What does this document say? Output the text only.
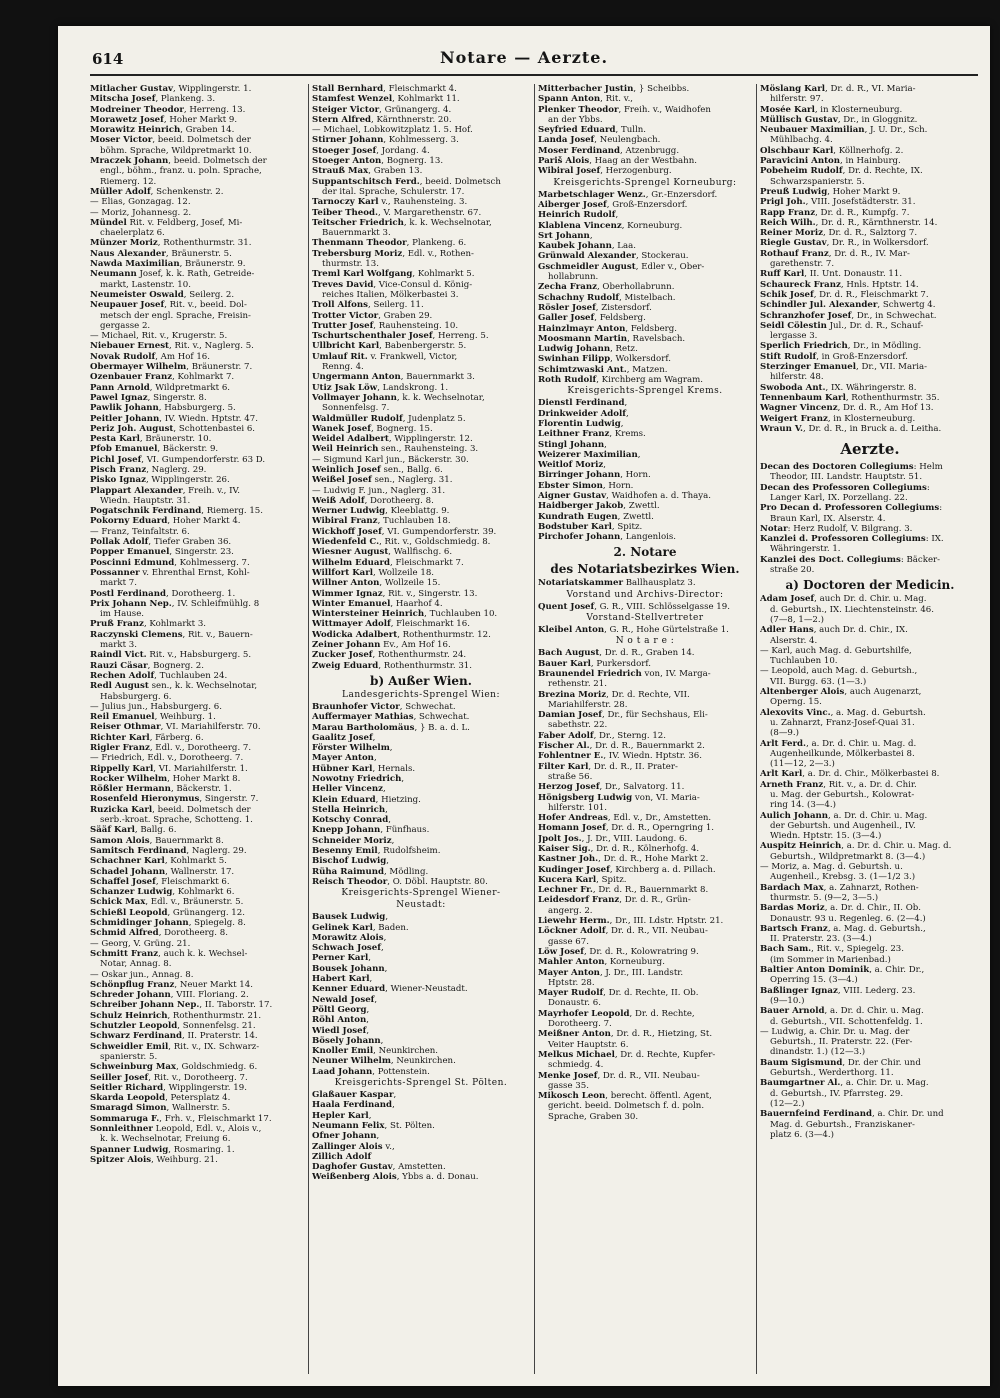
614	Notare — Aerzte.
Mitlacher Gustav, Wipplingerstr. 1.
Mitscha Josef, Plankeng. 3.
Modreiner Theodor, Herreng. 13.
Morawetz Josef, Hoher Markt 9.
Morawitz Heinrich, Graben 14.
Moser Victor, beeid. Dolmetsch der
böhm. Sprache, Wildpretmarkt 10.
Mraczek Johann, beeid. Dolmetsch der
engl., böhm., franz. u. poln. Sprache,
Riemerg. 12.
Müller Adolf, Schenkenstr. 2.
— Elias, Gonzagag. 12.
— Moriz, Johannesg. 2.
Mündel Rit. v. Feldberg, Josef, Mi-
chaelerplatz 6.
Münzer Moriz, Rothenthurmstr. 31.
Naus Alexander, Bräunerstr. 5.
Nawda Maximilian, Bräunerstr. 9.
Neumann Josef, k. k. Rath, Getreide-
markt, Lastenstr. 10.
Neumeister Oswald, Seilerg. 2.
Neupauer Josef, Rit. v., beeid. Dol-
metsch der engl. Sprache, Freisin-
gergasse 2.
— Michael, Rit. v., Krugerstr. 5.
Niebauer Ernest, Rit. v., Naglerg. 5.
Novak Rudolf, Am Hof 16.
Obermayer Wilhelm, Bräunerstr. 7.
Ozenbauer Franz, Kohlmarkt 7.
Pann Arnold, Wildpretmarkt 6.
Pawel Ignaz, Singerstr. 8.
Pawlik Johann, Habsburgerg. 5.
Peitler Johann, IV. Wiedn. Hptstr. 47.
Periz Joh. August, Schottenbastei 6.
Pesta Karl, Bräunerstr. 10.
Pfob Emanuel, Bäckerstr. 9.
Pichl Josef, VI. Gumpendorferstr. 63 D.
Pisch Franz, Naglerg. 29.
Pisko Ignaz, Wipplingerstr. 26.
Plappart Alexander, Freih. v., IV.
Wiedn. Hauptstr. 31.
Pogatschnik Ferdinand, Riemerg. 15.
Pokorny Eduard, Hoher Markt 4.
— Franz, Teinfaltstr. 6.
Pollak Adolf, Tiefer Graben 36.
Popper Emanuel, Singerstr. 23.
Poscinni Edmund, Kohlmesserg. 7.
Possanner v. Ehrenthal Ernst, Kohl-
markt 7.
Postl Ferdinand, Dorotheerg. 1.
Prix Johann Nep., IV. Schleifmühlg. 8
im Hause.
Pruß Franz, Kohlmarkt 3.
Raczynski Clemens, Rit. v., Bauern-
markt 3.
Raindl Vict. Rit. v., Habsburgerg. 5.
Rauzi Cäsar, Bognerg. 2.
Rechen Adolf, Tuchlauben 24.
Redl August sen., k. k. Wechselnotar,
Habsburgerg. 6.
— Julius jun., Habsburgerg. 6.
Reil Emanuel, Weihburg. 1.
Reiser Othmar, VI. Mariahilferstr. 70.
Richter Karl, Färberg. 6.
Rigler Franz, Edl. v., Dorotheerg. 7.
— Friedrich, Edl. v., Dorotheerg. 7.
Rippelly Karl, VI. Mariahilferstr. 1.
Rocker Wilhelm, Hoher Markt 8.
Rößler Hermann, Bäckerstr. 1.
Rosenfeld Hieronymus, Singerstr. 7.
Ruzicka Karl, beeid. Dolmetsch der
serb.-kroat. Sprache, Schotteng. 1.
Sääf Karl, Ballg. 6.
Samon Alois, Bauernmarkt 8.
Samitsch Ferdinand, Naglerg. 29.
Schachner Karl, Kohlmarkt 5.
Schadel Johann, Wallnerstr. 17.
Schaffel Josef, Fleischmarkt 6.
Schanzer Ludwig, Kohlmarkt 6.
Schick Max, Edl. v., Bräunerstr. 5.
Schießl Leopold, Grünangerg. 12.
Schmidinger Johann, Spiegelg. 8.
Schmid Alfred, Dorotheerg. 8.
— Georg, V. Grüng. 21.
Schmitt Franz, auch k. k. Wechsel-
Notar, Annag. 8.
— Oskar jun., Annag. 8.
Schönpflug Franz, Neuer Markt 14.
Schreder Johann, VIII. Floriang. 2.
Schreiber Johann Nep., II. Taborstr. 17.
Schulz Heinrich, Rothenthurmstr. 21.
Schutzler Leopold, Sonnenfelsg. 21.
Schwarz Ferdinand, II. Praterstr. 14.
Schweidler Emil, Rit. v., IX. Schwarz-
spanierstr. 5.
Schweinburg Max, Goldschmiedg. 6.
Seiller Josef, Rit. v., Dorotheerg. 7.
Seitler Richard, Wipplingerstr. 19.
Skarda Leopold, Petersplatz 4.
Smaragd Simon, Wallnerstr. 5.
Sommaruga F., Frh. v., Fleischmarkt 17.
Sonnleithner Leopold, Edl. v., Alois v.,
k. k. Wechselnotar, Freiung 6.
Spanner Ludwig, Rosmaring. 1.
Spitzer Alois, Weihburg. 21.
Stall Bernhard, Fleischmarkt 4.
Stamfest Wenzel, Kohlmarkt 11.
Steiger Victor, Grünangerg. 4.
Stern Alfred, Kärnthnerstr. 20.
— Michael, Lobkowitzplatz 1. 5. Hof.
Stirner Johann, Kohlmesserg. 3.
Stoeger Josef, Jordang. 4.
Stoeger Anton, Bognerg. 13.
Strauß Max, Graben 13.
Suppantschitsch Ferd., beeid. Dolmetsch
der ital. Sprache, Schulerstr. 17.
Tarnoczy Karl v., Rauhensteing. 3.
Teiber Theod., V. Margarethenstr. 67.
Teitscher Friedrich, k. k. Wechselnotar,
Bauernmarkt 3.
Thenmann Theodor, Plankeng. 6.
Trebersburg Moriz, Edl. v., Rothen-
thurmstr. 13.
Treml Karl Wolfgang, Kohlmarkt 5.
Treves David, Vice-Consul d. König-
reiches Italien, Mölkerbastei 3.
Troll Alfons, Seilerg. 11.
Trotter Victor, Graben 29.
Trutter Josef, Rauhensteing. 10.
Tschurtschenthaler Josef, Herreng. 5.
Ullbricht Karl, Babenbergerstr. 5.
Umlauf Rit. v. Frankwell, Victor,
Renng. 4.
Ungermann Anton, Bauernmarkt 3.
Utiz Jsak Löw, Landskrong. 1.
Vollmayer Johann, k. k. Wechselnotar,
Sonnenfelsg. 7.
Waldmüller Rudolf, Judenplatz 5.
Wanek Josef, Bognerg. 15.
Weidel Adalbert, Wipplingerstr. 12.
Weil Heinrich sen., Rauhensteing. 3.
— Sigmund Karl jun., Bäckerstr. 30.
Weinlich Josef sen., Ballg. 6.
Weißel Josef sen., Naglerg. 31.
— Ludwig F. jun., Naglerg. 31.
Weiß Adolf, Dorotheerg. 8.
Werner Ludwig, Kleeblattg. 9.
Wibiral Franz, Tuchlauben 18.
Wickhoff Josef, VI. Gumpendorferstr. 39.
Wiedenfeld C., Rit. v., Goldschmiedg. 8.
Wiesner August, Wallfischg. 6.
Wilhelm Eduard, Fleischmarkt 7.
Willfort Karl, Wollzeile 18.
Willner Anton, Wollzeile 15.
Wimmer Ignaz, Rit. v., Singerstr. 13.
Winter Emanuel, Haarhof 4.
Wintersteiner Heinrich, Tuchlauben 10.
Wittmayer Adolf, Fleischmarkt 16.
Wodicka Adalbert, Rothenthurmstr. 12.
Zeiner Johann Ev., Am Hof 16.
Zucker Josef, Rothenthurmstr. 24.
Zweig Eduard, Rothenthurmstr. 31.
b) Außer Wien.
Landesgerichts-Sprengel Wien:
Braunhofer Victor, Schwechat.
Auffermayer Mathias, Schwechat.
Marau Bartholomäus, } B. a. d. L.
Gaalitz Josef,
Förster Wilhelm,
Mayer Anton,
Hübner Karl, Hernals.
Nowotny Friedrich,
Heller Vincenz,
Klein Eduard, Hietzing.
Stella Heinrich,
Kotschy Conrad,
Knepp Johann, Fünfhaus.
Schneider Moriz,
Besenny Emil, Rudolfsheim.
Bischof Ludwig,
Rüha Raimund, Mödling.
Reisch Theodor, O. Döbl. Hauptstr. 80.
Kreisgerichts-Sprengel Wiener-
Neustadt:
Bausek Ludwig,
Gelinek Karl, Baden.
Morawitz Alois,
Schwach Josef,
Perner Karl,
Bousek Johann,
Habert Karl,
Kenner Eduard, Wiener-Neustadt.
Newald Josef,
Pöltl Georg,
Röhl Anton,
Wiedl Josef,
Bösely Johann,
Knoller Emil, Neunkirchen.
Neuner Wilhelm, Neunkirchen.
Laad Johann, Pottenstein.
Kreisgerichts-Sprengel St. Pölten.
Glaßauer Kaspar,
Haala Ferdinand,
Hepler Karl,
Neumann Felix, St. Pölten.
Ofner Johann,
Zallinger Alois v.,
Zillich Adolf
Daghofer Gustav, Amstetten.
Weißenberg Alois, Ybbs a. d. Donau.
Mitterbacher Justin, } Scheibbs.
Spann Anton, Rit. v.,
Plenker Theodor, Freih. v., Waidhofen
an der Ybbs.
Seyfried Eduard, Tulln.
Landa Josef, Neulengbach.
Moser Ferdinand, Atzenbrugg.
Pariš Alois, Haag an der Westbahn.
Wibiral Josef, Herzogenburg.
Kreisgerichts-Sprengel Korneuburg:
Marbetschlager Wenz., Gr.-Enzersdorf.
Aiberger Josef, Groß-Enzersdorf.
Heinrich Rudolf,
Klablena Vincenz, Korneuburg.
Srt Johann,
Kaubek Johann, Laa.
Grünwald Alexander, Stockerau.
Gschmeidler August, Edler v., Ober-
hollabrunn.
Zecha Franz, Oberhollabrunn.
Schachny Rudolf, Mistelbach.
Rösler Josef, Zistersdorf.
Galler Josef, Feldsberg.
Hainzlmayr Anton, Feldsberg.
Moosmann Martin, Ravelsbach.
Ludwig Johann, Retz.
Swinhan Filipp, Wolkersdorf.
Schimtzwaski Ant., Matzen.
Roth Rudolf, Kirchberg am Wagram.
Kreisgerichts-Sprengel Krems.
Dienstl Ferdinand,
Drinkweider Adolf,
Florentin Ludwig,
Leithner Franz, Krems.
Stingl Johann,
Weizerer Maximilian,
Weitlof Moriz,
Birringer Johann, Horn.
Ebster Simon, Horn.
Aigner Gustav, Waidhofen a. d. Thaya.
Haidberger Jakob, Zwettl.
Kundrath Eugen, Zwettl.
Bodstuber Karl, Spitz.
Pirchofer Johann, Langenlois.
2. Notare
des Notariatsbezirkes Wien.
Notariatskammer Ballhausplatz 3.
Vorstand und Archivs-Director:
Quent Josef, G. R., VIII. Schlösselgasse 19.
Vorstand-Stellvertreter
Kleibel Anton, G. R., Hohe Gürtelstraße 1.
N o t a r e :
Bach August, Dr. d. R., Graben 14.
Bauer Karl, Purkersdorf.
Braunendel Friedrich von, IV. Marga-
rethenstr. 21.
Brezina Moriz, Dr. d. Rechte, VII.
Mariahilferstr. 28.
Damian Josef, Dr., für Sechshaus, Eli-
sabethstr. 22.
Faber Adolf, Dr., Sterng. 12.
Fischer Al., Dr. d. R., Bauernmarkt 2.
Fohlentner E., IV. Wiedn. Hptstr. 36.
Filter Karl, Dr. d. R., II. Prater-
straße 56.
Herzog Josef, Dr., Salvatorg. 11.
Hönigsberg Ludwig von, VI. Maria-
hilferstr. 101.
Hofer Andreas, Edl. v., Dr., Amstetten.
Homann Josef, Dr. d. R., Operngring 1.
Jpolt Jos., J. Dr., VIII. Laudong. 6.
Kaiser Sig., Dr. d. R., Kölnerhofg. 4.
Kastner Joh., Dr. d. R., Hohe Markt 2.
Kudinger Josef, Kirchberg a. d. Pillach.
Kucera Karl, Spitz.
Lechner Fr., Dr. d. R., Bauernmarkt 8.
Leidesdorf Franz, Dr. d. R., Grün-
angerg. 2.
Liewehr Herm., Dr., III. Ldstr. Hptstr. 21.
Löckner Adolf, Dr. d. R., VII. Neubau-
gasse 67.
Löw Josef, Dr. d. R., Kolowratring 9.
Mahler Anton, Korneuburg.
Mayer Anton, J. Dr., III. Landstr.
Hptstr. 28.
Mayer Rudolf, Dr. d. Rechte, II. Ob.
Donaustr. 6.
Mayrhofer Leopold, Dr. d. Rechte,
Dorotheerg. 7.
Meißner Anton, Dr. d. R., Hietzing, St.
Veiter Hauptstr. 6.
Melkus Michael, Dr. d. Rechte, Kupfer-
schmiedg. 4.
Menke Josef, Dr. d. R., VII. Neubau-
gasse 35.
Mikosch Leon, berecht. öffentl. Agent,
gericht. beeid. Dolmetsch f. d. poln.
Sprache, Graben 30.
Möslang Karl, Dr. d. R., VI. Maria-
hilferstr. 97.
Mosée Karl, in Klosterneuburg.
Müllisch Gustav, Dr., in Gloggnitz.
Neubauer Maximilian, J. U. Dr., Sch.
Mühlbachg. 4.
Olschbaur Karl, Köllnerhofg. 2.
Paravicini Anton, in Hainburg.
Pobeheim Rudolf, Dr. d. Rechte, IX.
Schwarzspanierstr. 5.
Preuß Ludwig, Hoher Markt 9.
Prigl Joh., VIII. Josefstädterstr. 31.
Rapp Franz, Dr. d. R., Kumpfg. 7.
Reich Wilh., Dr. d. R., Kärnthnerstr. 14.
Reiner Moriz, Dr. d. R., Salztorg 7.
Riegle Gustav, Dr. R., in Wolkersdorf.
Rothauf Franz, Dr. d. R., IV. Mar-
garethenstr. 7.
Ruff Karl, II. Unt. Donaustr. 11.
Schaureck Franz, Hnls. Hptstr. 14.
Schik Josef, Dr. d. R., Fleischmarkt 7.
Schindler Jul. Alexander, Schwertg 4.
Schranzhofer Josef, Dr., in Schwechat.
Seidl Cölestin Jul., Dr. d. R., Schauf-
lergasse 3.
Sperlich Friedrich, Dr., in Mödling.
Stift Rudolf, in Groß-Enzersdorf.
Sterzinger Emanuel, Dr., VII. Maria-
hilferstr. 48.
Swoboda Ant., IX. Währingerstr. 8.
Tennenbaum Karl, Rothenthurmstr. 35.
Wagner Vincenz, Dr. d. R., Am Hof 13.
Weigert Franz, in Klosterneuburg.
Wraun V., Dr. d. R., in Bruck a. d. Leitha.
Aerzte.
Decan des Doctoren Collegiums: Helm
Theodor, III. Landstr. Hauptstr. 51.
Decan des Professoren Collegiums:
Langer Karl, IX. Porzellang. 22.
Pro Decan d. Professoren Collegiums:
Braun Karl, IX. Alserstr. 4.
Notar: Herz Rudolf, V. Bilgrang. 3.
Kanzlei d. Professoren Collegiums: IX.
Währingerstr. 1.
Kanzlei des Doct. Collegiums: Bäcker-
straße 20.
a) Doctoren der Medicin.
Adam Josef, auch Dr. d. Chir. u. Mag.
d. Geburtsh., IX. Liechtensteinstr. 46.
(7—8, 1—2.)
Adler Hans, auch Dr. d. Chir., IX.
Alserstr. 4.
— Karl, auch Mag. d. Geburtshilfe,
Tuchlauben 10.
— Leopold, auch Mag. d. Geburtsh.,
VII. Burgg. 63. (1—3.)
Altenberger Alois, auch Augenarzt,
Operng. 15.
Alexovits Vinc., a. Mag. d. Geburtsh.
u. Zahnarzt, Franz-Josef-Quai 31.
(8—9.)
Arlt Ferd., a. Dr. d. Chir. u. Mag. d.
Augenheilkunde, Mölkerbastei 8.
(11—12, 2—3.)
Arlt Karl, a. Dr. d. Chir., Mölkerbastei 8.
Arneth Franz, Rit. v., a. Dr. d. Chir.
u. Mag. der Geburtsh., Kolowrat-
ring 14. (3—4.)
Aulich Johann, a. Dr. d. Chir. u. Mag.
der Geburtsh. und Augenheil., IV.
Wiedn. Hptstr. 15. (3—4.)
Auspitz Heinrich, a. Dr. d. Chir. u. Mag. d.
Geburtsh., Wildpretmarkt 8. (3—4.)
— Moriz, a. Mag. d. Geburtsh. u.
Augenheil., Krebsg. 3. (1—1/2 3.)
Bardach Max, a. Zahnarzt, Rothen-
thurmstr. 5. (9—2, 3—5.)
Bardas Moriz, a. Dr. d. Chir., II. Ob.
Donaustr. 93 u. Regenleg. 6. (2—4.)
Bartsch Franz, a. Mag. d. Geburtsh.,
II. Praterstr. 23. (3—4.)
Bach Sam., Rit. v., Spiegelg. 23.
(im Sommer in Marienbad.)
Baltier Anton Dominik, a. Chir. Dr.,
Operring 15. (3—4.)
Baßlinger Ignaz, VIII. Lederg. 23.
(9—10.)
Bauer Arnold, a. Dr. d. Chir. u. Mag.
d. Geburtsh., VII. Schottenfeldg. 1.
— Ludwig, a. Chir. Dr. u. Mag. der
Geburtsh., II. Praterstr. 22. (Fer-
dinandstr. 1.) (12—3.)
Baum Sigismund, Dr. der Chir. und
Geburtsh., Werderthorg. 11.
Baumgartner Al., a. Chir. Dr. u. Mag.
d. Geburtsh., IV. Pfarrsteg. 29.
(12—2.)
Bauernfeind Ferdinand, a. Chir. Dr. und
Mag. d. Geburtsh., Franziskaner-
platz 6. (3—4.)
